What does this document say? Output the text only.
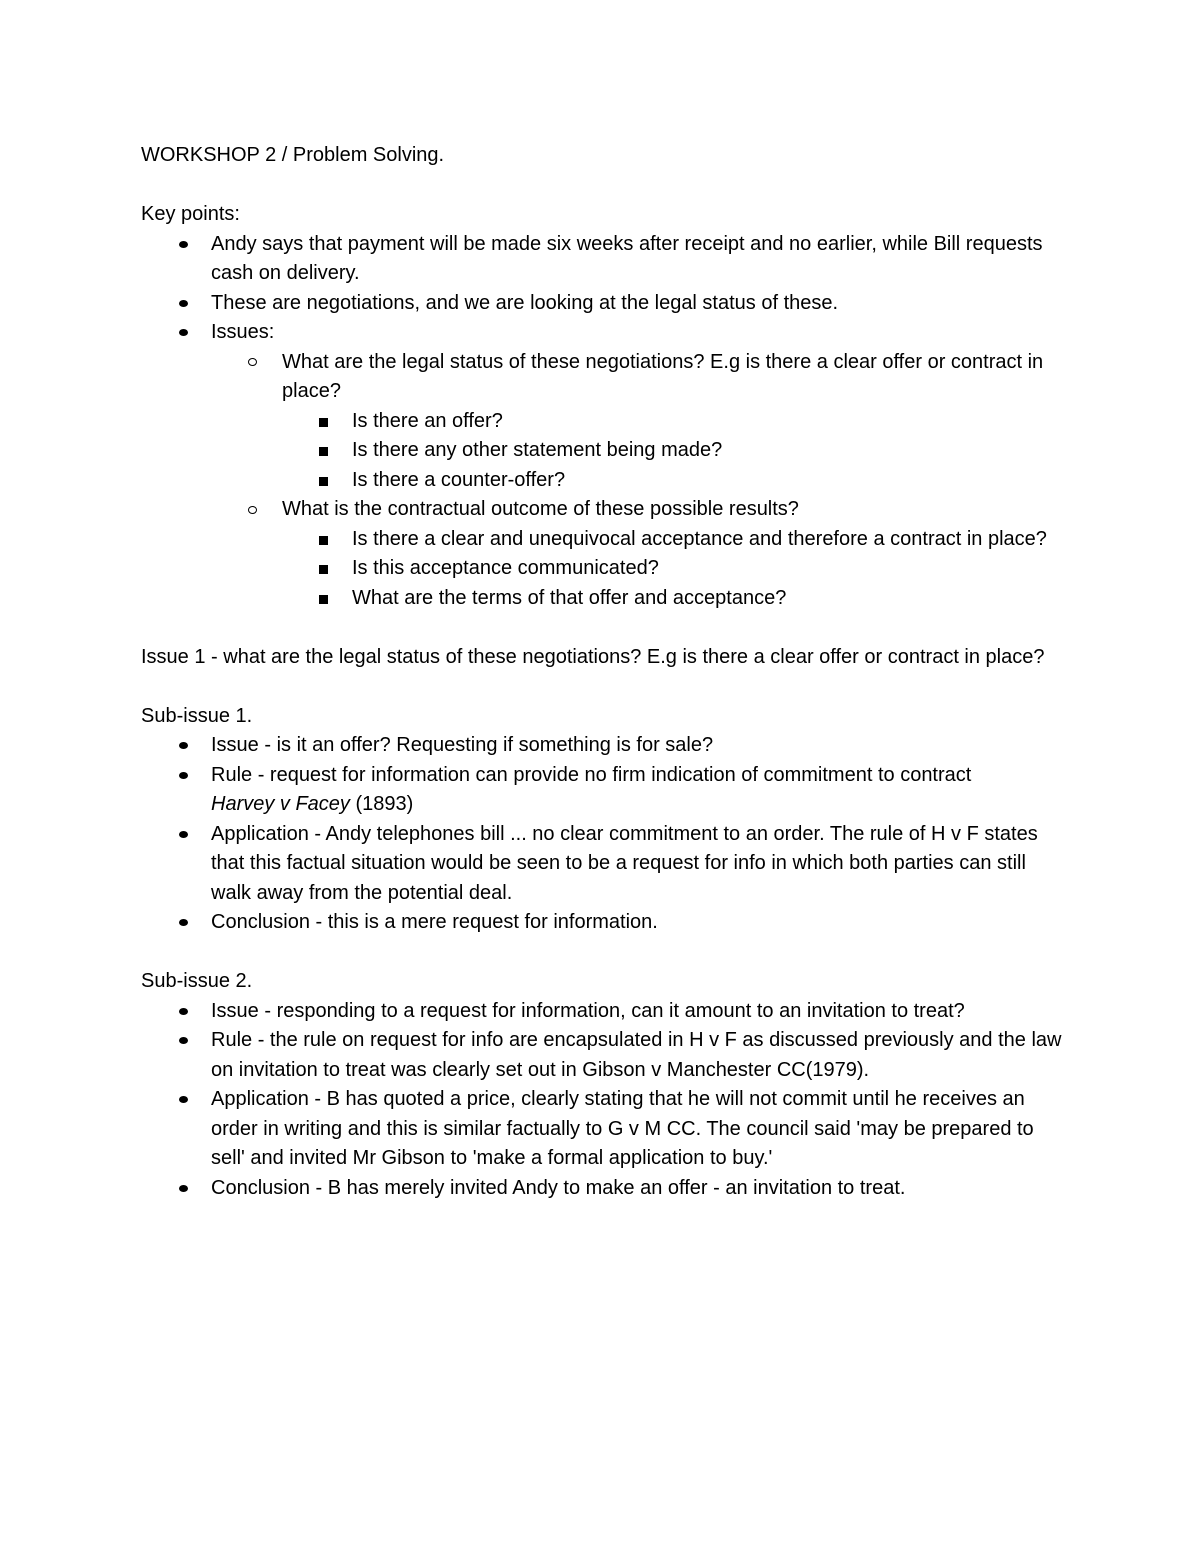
WORKSHOP 2 / Problem Solving.

Key points:

Andy says that payment will be made six weeks after receipt and no earlier, while Bill requests cash on delivery.
These are negotiations, and we are looking at the legal status of these.
Issues:
What are the legal status of these negotiations? E.g is there a clear offer or contract in place?
Is there an offer?
Is there any other statement being made?
Is there a counter-offer?
What is the contractual outcome of these possible results?
Is there a clear and unequivocal acceptance and therefore a contract in place?
Is this acceptance communicated?
What are the terms of that offer and acceptance?

Issue 1 - what are the legal status of these negotiations? E.g is there a clear offer or contract in place?

Sub-issue 1.

Issue - is it an offer? Requesting if something is for sale?
Rule - request for information can provide no firm indication of commitment to contract
Harvey v Facey (1893)
Application - Andy telephones bill ... no clear commitment to an order. The rule of H v F states that this factual situation would be seen to be a request for info in which both parties can still walk away from the potential deal.
Conclusion - this is a mere request for information.

Sub-issue 2.

Issue - responding to a request for information, can it amount to an invitation to treat?
Rule - the rule on request for info are encapsulated in H v F as discussed previously and the law on invitation to treat was clearly set out in Gibson v Manchester CC(1979).
Application - B has quoted a price, clearly stating that he will not commit until he receives an order in writing and this is similar factually to G v M CC. The council said 'may be prepared to sell' and invited Mr Gibson to 'make a formal application to buy.'
Conclusion - B has merely invited Andy to make an offer - an invitation to treat.
